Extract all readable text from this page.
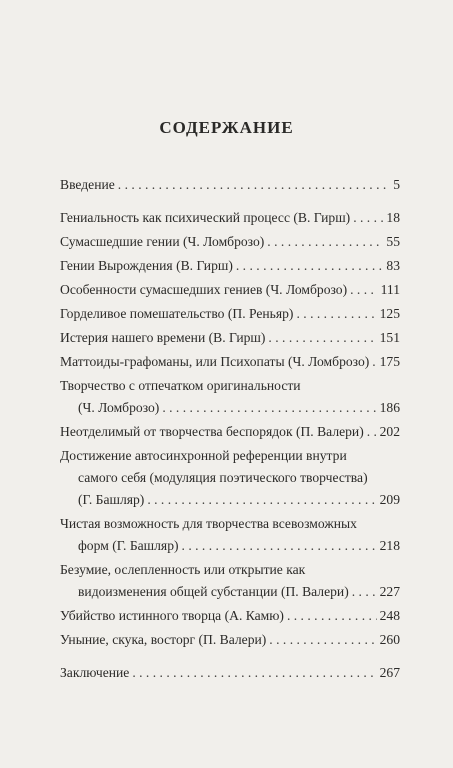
СОДЕРЖАНИЕ
Введение . . .	5
Гениальность как психический процесс (В. Гирш) . . .	18
Сумасшедшие гении (Ч. Ломброзо) . . .	55
Гении Вырождения (В. Гирш) . . .	83
Особенности сумасшедших гениев (Ч. Ломброзо) . . . 111
Горделивое помешательство (П. Реньяр) . . .	125
Истерия нашего времени (В. Гирш) . . .	151
Маттоиды-графоманы, или Психопаты (Ч. Ломброзо) . . . 175
Творчество с отпечатком оригинальности
(Ч. Ломброзо) . . .	186
Неотделимый от творчества беспорядок (П. Валери) . . . 202
Достижение автосинхронной референции внутри
самого себя (модуляция поэтического творчества)
(Г. Башляр) . . .	209
Чистая возможность для творчества всевозможных
форм (Г. Башляр) . . .	218
Безумие, ослепленность или открытие как
видоизменения общей субстанции (П. Валери) . . . 227
Убийство истинного творца (А. Камю) . . .	248
Уныние, скука, восторг (П. Валери) . . .	260
Заключение . . .	267
